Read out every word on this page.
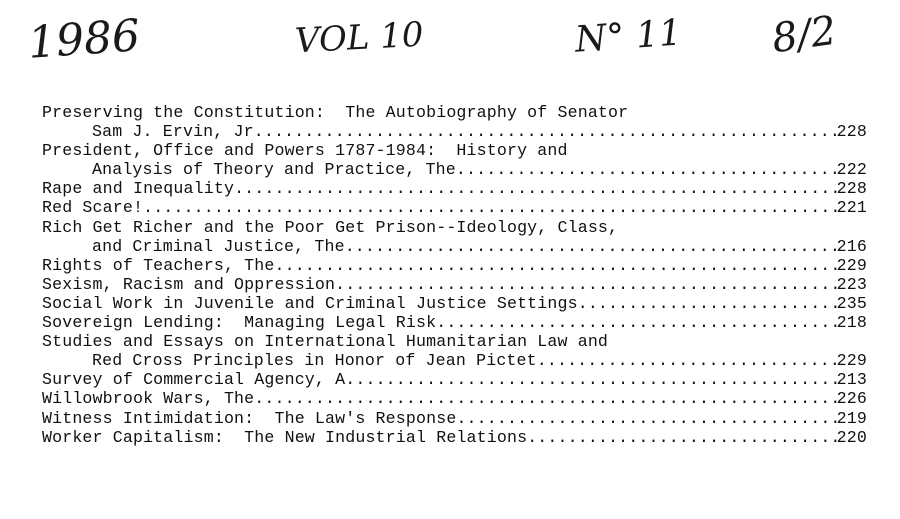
1986	VOL 10	N° 11 8/2
Preserving the Constitution:  The Autobiography of Senator
Sam J. Ervin, Jr .....	228
President, Office and Powers 1787-1984:  History and
Analysis of Theory and Practice, The .....	222
Rape and Inequality .....	228
Red Scare! .....	221
Rich Get Richer and the Poor Get Prison--Ideology, Class,
and Criminal Justice, The .....	216
Rights of Teachers, The .....	229
Sexism, Racism and Oppression .....	223
Social Work in Juvenile and Criminal Justice Settings .....	235
Sovereign Lending:  Managing Legal Risk .....	218
Studies and Essays on International Humanitarian Law and
Red Cross Principles in Honor of Jean Pictet .....	229
Survey of Commercial Agency, A .....	213
Willowbrook Wars, The .....	226
Witness Intimidation:  The Law's Response .....	219
Worker Capitalism:  The New Industrial Relations .....	220
